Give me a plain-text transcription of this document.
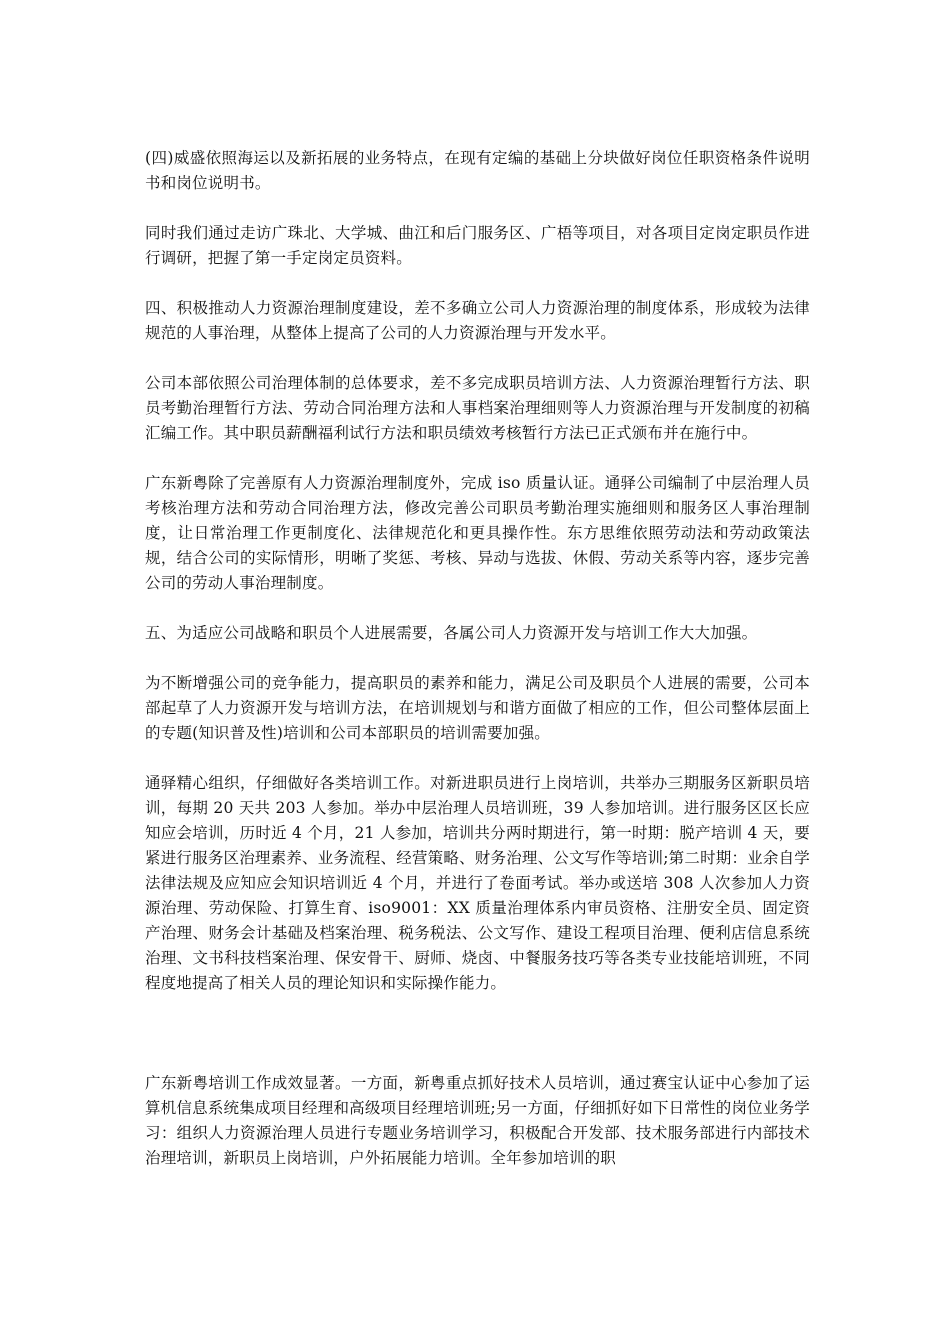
(四)威盛依照海运以及新拓展的业务特点，在现有定编的基础上分块做好岗位任职资格条件说明书和岗位说明书。

同时我们通过走访广珠北、大学城、曲江和后门服务区、广梧等项目，对各项目定岗定职员作进行调研，把握了第一手定岗定员资料。

四、积极推动人力资源治理制度建设，差不多确立公司人力资源治理的制度体系，形成较为法律规范的人事治理，从整体上提高了公司的人力资源治理与开发水平。

公司本部依照公司治理体制的总体要求，差不多完成职员培训方法、人力资源治理暂行方法、职员考勤治理暂行方法、劳动合同治理方法和人事档案治理细则等人力资源治理与开发制度的初稿汇编工作。其中职员薪酬福利试行方法和职员绩效考核暂行方法已正式颁布并在施行中。

广东新粤除了完善原有人力资源治理制度外，完成 iso 质量认证。通驿公司编制了中层治理人员考核治理方法和劳动合同治理方法，修改完善公司职员考勤治理实施细则和服务区人事治理制度，让日常治理工作更制度化、法律规范化和更具操作性。东方思维依照劳动法和劳动政策法规，结合公司的实际情形，明晰了奖惩、考核、异动与选拔、休假、劳动关系等内容，逐步完善公司的劳动人事治理制度。

五、为适应公司战略和职员个人进展需要，各属公司人力资源开发与培训工作大大加强。

为不断增强公司的竞争能力，提高职员的素养和能力，满足公司及职员个人进展的需要，公司本部起草了人力资源开发与培训方法，在培训规划与和谐方面做了相应的工作，但公司整体层面上的专题(知识普及性)培训和公司本部职员的培训需要加强。

通驿精心组织，仔细做好各类培训工作。对新进职员进行上岗培训，共举办三期服务区新职员培训，每期 20 天共 203 人参加。举办中层治理人员培训班，39 人参加培训。进行服务区区长应知应会培训，历时近 4 个月，21 人参加，培训共分两时期进行，第一时期：脱产培训 4 天，要紧进行服务区治理素养、业务流程、经营策略、财务治理、公文写作等培训;第二时期：业余自学法律法规及应知应会知识培训近 4 个月，并进行了卷面考试。举办或送培 308 人次参加人力资源治理、劳动保险、打算生育、iso9001：XX 质量治理体系内审员资格、注册安全员、固定资产治理、财务会计基础及档案治理、税务税法、公文写作、建设工程项目治理、便利店信息系统治理、文书科技档案治理、保安骨干、厨师、烧卤、中餐服务技巧等各类专业技能培训班，不同程度地提高了相关人员的理论知识和实际操作能力。

广东新粤培训工作成效显著。一方面，新粤重点抓好技术人员培训，通过赛宝认证中心参加了运算机信息系统集成项目经理和高级项目经理培训班;另一方面，仔细抓好如下日常性的岗位业务学习：组织人力资源治理人员进行专题业务培训学习，积极配合开发部、技术服务部进行内部技术治理培训，新职员上岗培训，户外拓展能力培训。全年参加培训的职
